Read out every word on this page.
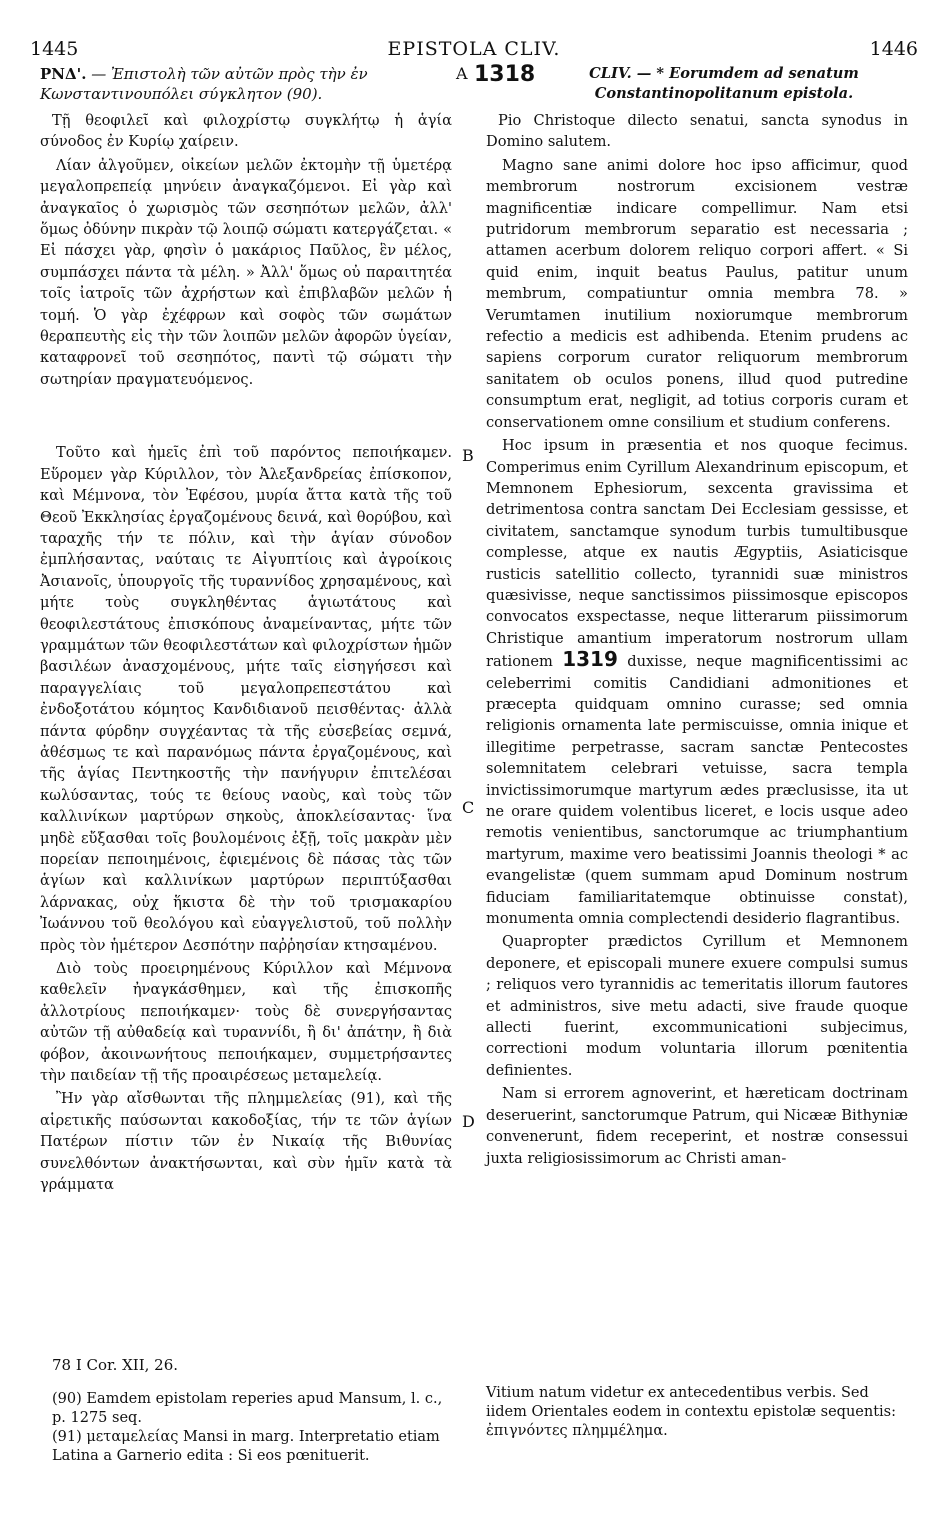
EPISTOLA CLIV.
1445	1446

ΡΝΔ'. — Ἐπιστολὴ τῶν αὐτῶν πρὸς τὴν ἐν Κωνσταντινουπόλει σύγκλητον (90).

Τῇ θεοφιλεῖ καὶ φιλοχρίστῳ συγκλήτῳ ἡ ἁγία σύνοδος ἐν Κυρίῳ χαίρειν.

Λίαν ἀλγοῦμεν, οἰκείων μελῶν ἐκτομὴν τῇ ὑμετέρᾳ μεγαλοπρεπείᾳ μηνύειν ἀναγκαζόμενοι. Εἰ γὰρ καὶ ἀναγκαῖος ὁ χωρισμὸς τῶν σεσηπότων μελῶν, ἀλλ' ὅμως ὀδύνην πικρὰν τῷ λοιπῷ σώματι κατεργάζεται. « Εἰ πάσχει γὰρ, φησὶν ὁ μακάριος Παῦλος, ἓν μέλος, συμπάσχει πάντα τὰ μέλη. » Ἀλλ' ὅμως οὐ παραιτητέα τοῖς ἰατροῖς τῶν ἀχρήστων καὶ ἐπιβλαβῶν μελῶν ἡ τομή. Ὁ γὰρ ἐχέφρων καὶ σοφὸς τῶν σωμάτων θεραπευτὴς εἰς τὴν τῶν λοιπῶν μελῶν ἀφορῶν ὑγείαν, καταφρονεῖ τοῦ σεσηπότος, παντὶ τῷ σώματι τὴν σωτηρίαν πραγματευόμενος.

Τοῦτο καὶ ἡμεῖς ἐπὶ τοῦ παρόντος πεποιήκαμεν. Εὕρομεν γὰρ Κύριλλον, τὸν Ἀλεξανδρείας ἐπίσκοπον, καὶ Μέμνονα, τὸν Ἐφέσου, μυρία ἄττα κατὰ τῆς τοῦ Θεοῦ Ἐκκλησίας ἐργαζομένους δεινά, καὶ θορύβου, καὶ ταραχῆς τήν τε πόλιν, καὶ τὴν ἁγίαν σύνοδον ἐμπλήσαντας, ναύταις τε Αἰγυπτίοις καὶ ἀγροίκοις Ἀσιανοῖς, ὑπουργοῖς τῆς τυραννίδος χρησαμένους, καὶ μήτε τοὺς συγκληθέντας ἁγιωτάτους καὶ θεοφιλεστάτους ἐπισκόπους ἀναμείναντας, μήτε τῶν γραμμάτων τῶν θεοφιλεστάτων καὶ φιλοχρίστων ἡμῶν βασιλέων ἀνασχομένους, μήτε ταῖς εἰσηγήσεσι καὶ παραγγελίαις τοῦ μεγαλοπρεπεστάτου καὶ ἐνδοξοτάτου κόμητος Κανδιδιανοῦ πεισθέντας· ἀλλὰ πάντα φύρδην συγχέαντας τὰ τῆς εὐσεβείας σεμνά, ἀθέσμως τε καὶ παρανόμως πάντα ἐργαζομένους, καὶ τῆς ἁγίας Πεντηκοστῆς τὴν πανήγυριν ἐπιτελέσαι κωλύσαντας, τούς τε θείους ναοὺς, καὶ τοὺς τῶν καλλινίκων μαρτύρων σηκοὺς, ἀποκλείσαντας· ἵνα μηδὲ εὔξασθαι τοῖς βουλομένοις ἐξῇ, τοῖς μακρὰν μὲν πορείαν πεποιημένοις, ἐφιεμένοις δὲ πάσας τὰς τῶν ἁγίων καὶ καλλινίκων μαρτύρων περιπτύξασθαι λάρνακας, οὐχ ἥκιστα δὲ τὴν τοῦ τρισμακαρίου Ἰωάννου τοῦ θεολόγου καὶ εὐαγγελιστοῦ, τοῦ πολλὴν πρὸς τὸν ἡμέτερον Δεσπότην παῤῥησίαν κτησαμένου.

Διὸ τοὺς προειρημένους Κύριλλον καὶ Μέμνονα καθελεῖν ἠναγκάσθημεν, καὶ τῆς ἐπισκοπῆς ἀλλοτρίους πεποιήκαμεν· τοὺς δὲ συνεργήσαντας αὐτῶν τῇ αὐθαδείᾳ καὶ τυραννίδι, ἢ δι' ἀπάτην, ἢ διὰ φόβον, ἀκοινωνήτους πεποιήκαμεν, συμμετρήσαντες τὴν παιδείαν τῇ τῆς προαιρέσεως μεταμελείᾳ.

Ἢν γὰρ αἴσθωνται τῆς πλημμελείας (91), καὶ τῆς αἱρετικῆς παύσωνται κακοδοξίας, τήν τε τῶν ἁγίων Πατέρων πίστιν τῶν ἐν Νικαίᾳ τῆς Βιθυνίας συνελθόντων ἀνακτήσωνται, καὶ σὺν ἡμῖν κατὰ τὰ γράμματα

A 1318
B
C
D

CLIV. — * Eorumdem ad senatum Constantinopolitanum epistola.

Pio Christoque dilecto senatui, sancta synodus in Domino salutem.

Magno sane animi dolore hoc ipso afficimur, quod membrorum nostrorum excisionem vestræ magnificentiæ indicare compellimur. Nam etsi putridorum membrorum separatio est necessaria ; attamen acerbum dolorem reliquo corpori affert. « Si quid enim, inquit beatus Paulus, patitur unum membrum, compatiuntur omnia membra 78. » Verumtamen inutilium noxiorumque membrorum refectio a medicis est adhibenda. Etenim prudens ac sapiens corporum curator reliquorum membrorum sanitatem ob oculos ponens, illud quod putredine consumptum erat, negligit, ad totius corporis curam et conservationem omne consilium et studium conferens.

Hoc ipsum in præsentia et nos quoque fecimus. Comperimus enim Cyrillum Alexandrinum episcopum, et Memnonem Ephesiorum, sexcenta gravissima et detrimentosa contra sanctam Dei Ecclesiam gessisse, et civitatem, sanctamque synodum turbis tumultibusque complesse, atque ex nautis Ægyptiis, Asiaticisque rusticis satellitio collecto, tyrannidi suæ ministros quæsivisse, neque sanctissimos piissimosque episcopos convocatos exspectasse, neque litterarum piissimorum Christique amantium imperatorum nostrorum ullam rationem 1319 duxisse, neque magnificentissimi ac celeberrimi comitis Candidiani admonitiones et præcepta quidquam omnino curasse; sed omnia religionis ornamenta late permiscuisse, omnia inique et illegitime perpetrasse, sacram sanctæ Pentecostes solemnitatem celebrari vetuisse, sacra templa invictissimorumque martyrum ædes præclusisse, ita ut ne orare quidem volentibus liceret, e locis usque adeo remotis venientibus, sanctorumque ac triumphantium martyrum, maxime vero beatissimi Joannis theologi * ac evangelistæ (quem summam apud Dominum nostrum fiduciam familiaritatemque obtinuisse constat), monumenta omnia complectendi desiderio flagrantibus.

Quapropter prædictos Cyrillum et Memnonem deponere, et episcopali munere exuere compulsi sumus ; reliquos vero tyrannidis ac temeritatis illorum fautores et administros, sive metu adacti, sive fraude quoque allecti fuerint, excommunicationi subjecimus, correctioni modum voluntaria illorum pœnitentia definientes.

Nam si errorem agnoverint, et hæreticam doctrinam deseruerint, sanctorumque Patrum, qui Nicææ Bithyniæ convenerunt, fidem receperint, et nostræ consessui juxta religiosissimorum ac Christi aman-

78 I Cor. XII, 26.

(90) Eamdem epistolam reperies apud Mansum, l. c., p. 1275 seq.

(91) μεταμελείας Mansi in marg. Interpretatio etiam Latina a Garnerio edita : Si eos pœnituerit.

Vitium natum videtur ex antecedentibus verbis. Sed iidem Orientales eodem in contextu epistolæ sequentis: ἐπιγνόντες πλημμέλημα.
